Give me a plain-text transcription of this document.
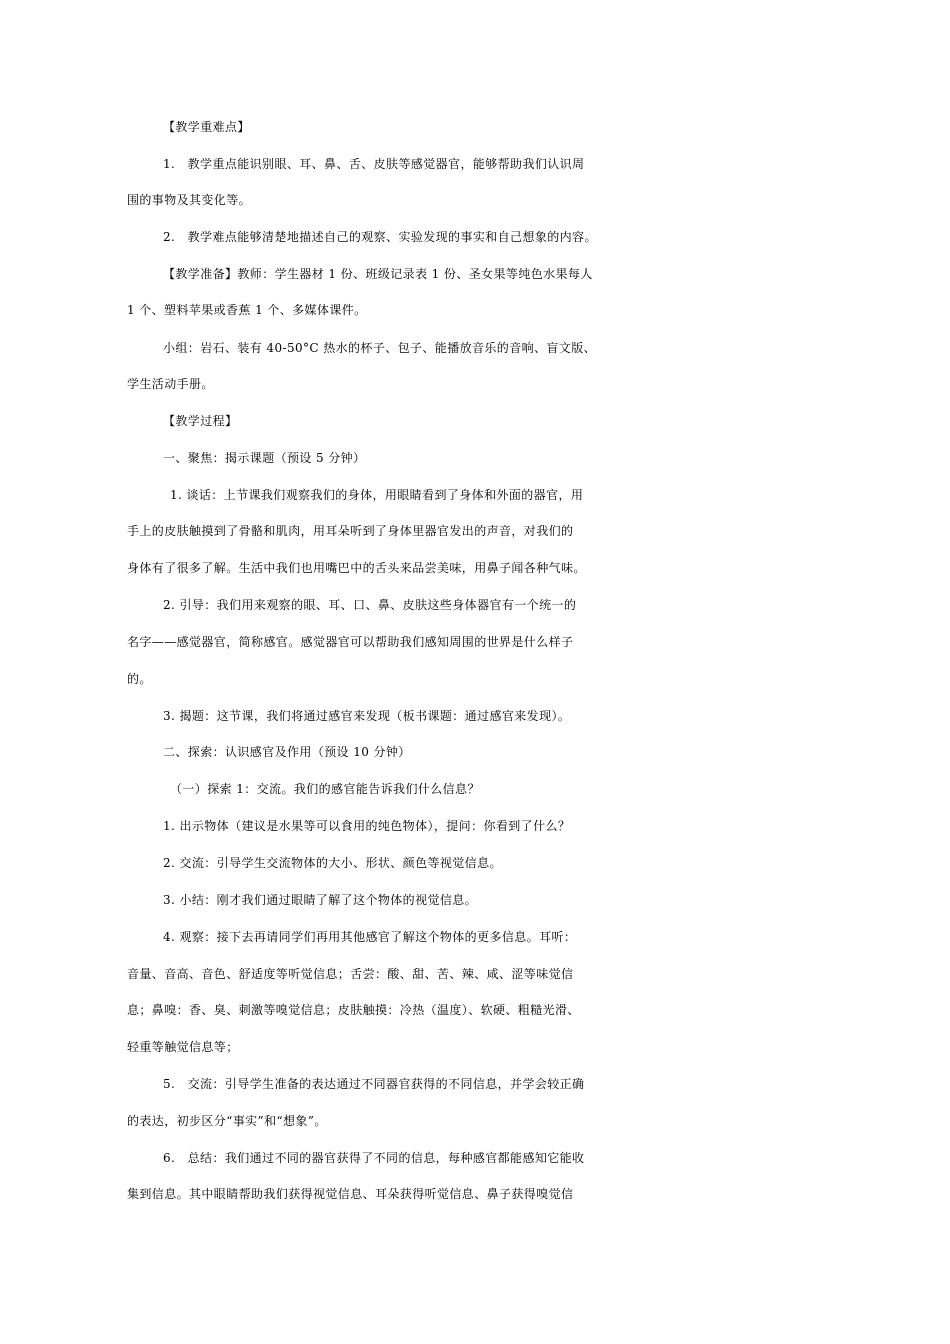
【教学重难点】
1.　教学重点能识别眼、耳、鼻、舌、皮肤等感觉器官，能够帮助我们认识周
围的事物及其变化等。
2.　教学难点能够清楚地描述自己的观察、实验发现的事实和自己想象的内容。
【教学准备】教师：学生器材 1 份、班级记录表 1 份、圣女果等纯色水果每人
1 个、塑料苹果或香蕉 1 个、多媒体课件。
小组：岩石、装有 40-50°C 热水的杯子、包子、能播放音乐的音响、盲文版、
学生活动手册。
【教学过程】
一、聚焦：揭示课题（预设 5 分钟）
1. 谈话：上节课我们观察我们的身体，用眼睛看到了身体和外面的器官，用
手上的皮肤触摸到了骨骼和肌肉，用耳朵听到了身体里器官发出的声音，对我们的
身体有了很多了解。生活中我们也用嘴巴中的舌头来品尝美味，用鼻子闻各种气味。
2. 引导：我们用来观察的眼、耳、口、鼻、皮肤这些身体器官有一个统一的
名字——感觉器官，简称感官。感觉器官可以帮助我们感知周围的世界是什么样子
的。
3. 揭题：这节课，我们将通过感官来发现（板书课题：通过感官来发现）。
二、探索：认识感官及作用（预设 10 分钟）
（一）探索 1：交流。我们的感官能告诉我们什么信息？
1. 出示物体（建议是水果等可以食用的纯色物体），提问：你看到了什么？
2. 交流：引导学生交流物体的大小、形状、颜色等视觉信息。
3. 小结：刚才我们通过眼睛了解了这个物体的视觉信息。
4. 观察：接下去再请同学们再用其他感官了解这个物体的更多信息。耳听：
音量、音高、音色、舒适度等听觉信息；舌尝：酸、甜、苦、辣、咸、涩等味觉信
息；鼻嗅：香、臭、刺激等嗅觉信息；皮肤触摸：冷热（温度）、软硬、粗糙光滑、
轻重等触觉信息等；
5.　交流：引导学生准备的表达通过不同器官获得的不同信息，并学会较正确
的表达，初步区分“事实”和“想象”。
6.　总结：我们通过不同的器官获得了不同的信息，每种感官都能感知它能收
集到信息。其中眼睛帮助我们获得视觉信息、耳朵获得听觉信息、鼻子获得嗅觉信
